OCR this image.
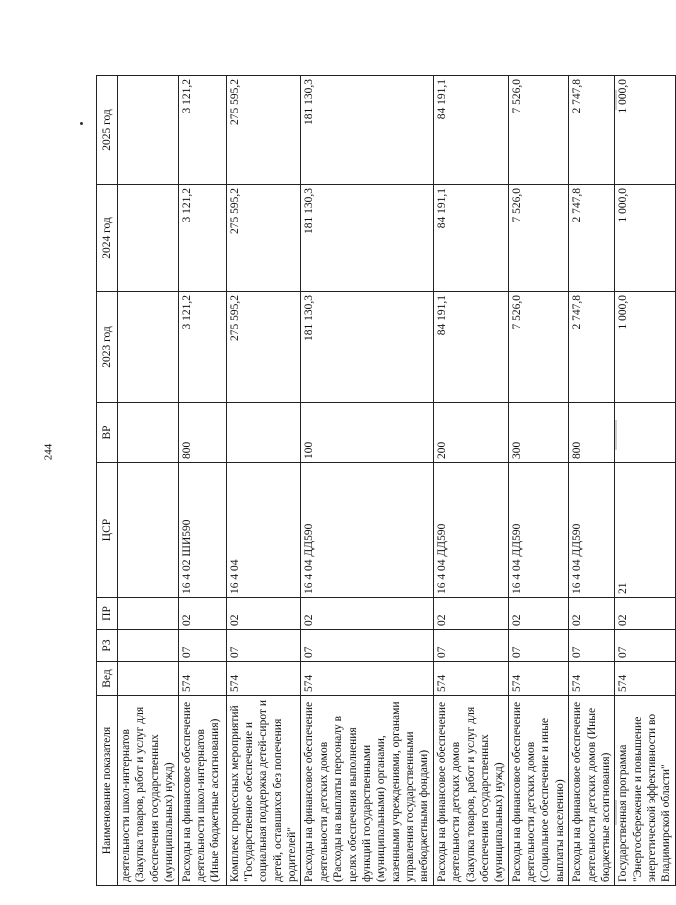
244
Наименование показателя	Вед	РЗ	ПР	ЦСР	ВР	2023 год	2024 год	2025 год
деятельности школ-интернатов (Закупка товаров, работ и услуг для обеспечения государственных (муниципальных) нужд)								
Расходы на финансовое обеспечение деятельности школ-интернатов (Иные бюджетные ассигнования)	574	07	02	16 4 02 ШИ590	800	3 121,2	3 121,2	3 121,2
Комплекс процессных мероприятий "Государственное обеспечение и социальная поддержка детей-сирот и детей, оставшихся без попечения родителей"	574	07	02	16 4 04		275 595,2	275 595,2	275 595,2
Расходы на финансовое обеспечение деятельности детских домов (Расходы на выплаты персоналу в целях обеспечения выполнения функций государственными (муниципальными) органами, казенными учреждениями, органами управления государственными внебюджетными фондами)	574	07	02	16 4 04 ДД590	100	181 130,3	181 130,3	181 130,3
Расходы на финансовое обеспечение деятельности детских домов (Закупка товаров, работ и услуг для обеспечения государственных (муниципальных) нужд)	574	07	02	16 4 04 ДД590	200	84 191,1	84 191,1	84 191,1
Расходы на финансовое обеспечение деятельности детских домов (Социальное обеспечение и иные выплаты населению)	574	07	02	16 4 04 ДД590	300	7 526,0	7 526,0	7 526,0
Расходы на финансовое обеспечение деятельности детских домов (Иные бюджетные ассигнования)	574	07	02	16 4 04 ДД590	800	2 747,8	2 747,8	2 747,8
Государственная программа "Энергосбережение и повышение энергетической эффективности во Владимирской области"	574	07	02	21		1 000,0	1 000,0	1 000,0
